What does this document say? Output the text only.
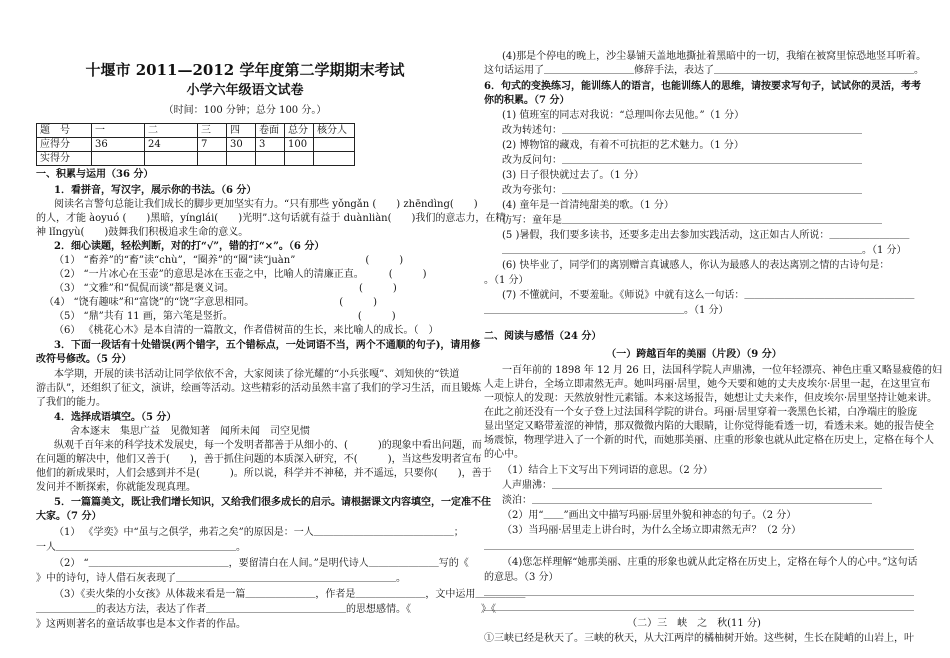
十堰市 2011—2012 学年度第二学期期末考试
小学六年级语文试卷
（时间：100 分钟；总分 100 分。）
题　号	一	二	三	四	卷面	总分	核分人
应得分	36	24	7	30	3	100	
实得分							
一、积累与运用（36 分）
1．看拼音，写汉字，展示你的书法。（6 分）
阅读名言警句总能让我们成长的脚步更加坚实有力。“只有那些 yǒngǎn (　　) zhēndìng(　　)
的人，才能 àoyuó (　　)黑暗，yínglái(　　)光明”.这句话就有益于 duànliàn(　　)我们的意志力，在精
神 lǐngyù(　　)鼓舞我们积极追求生命的意义。
2．细心读题，轻松判断，对的打“√”，错的打“×”。（6 分）
（1） “畜养”的“畜”读“chù”，“圈养”的“圈”读“juàn”　　　　　　　(　　　)
（2） “一片冰心在玉壶”的意思是冰在玉壶之中，比喻人的清廉正直。　　　(　　　)
（3） “文雅”和“侃侃而谈”都是褒义词。　　　　　　　　　　　　　(　　　)
（4） “饶有趣味”和“富饶”的“饶”字意思相同。　　　　　　　　　(　　　)
（5） “鼎”共有 11 画，第六笔是竖折。　　　　　　　　　　　　　(　　　)
（6） 《桃花心木》是本自清的一篇散文，作者借树苗的生长，来比喻人的成长。（　）
3．下面一段话有十处错误(两个错字，五个错标点，一处词语不当，两个不通顺的句子)，请用修
改符号修改。（5 分）
本学期，开展的读书活动让同学依依不舍，大家阅读了徐光耀的“小兵张嘎”、刘知侠的“铁道
游击队”，还组织了征文，演讲，绘画等活动。这些精彩的活动虽然丰富了我们的学习生活，而且锻炼
了我们的能力。
4．选择成语填空。（5 分）
舍本逐末　集思广益　见微知著　闻所未闻　司空见惯
纵观千百年来的科学技术发展史，每一个发明者都善于从细小的、(　　　)的现象中看出问题，而
在问题的解决中，他们又善于(　　)，善于抓住问题的本质深入研究，不(　　　)，当这些发明者宣布
他们的新成果时，人们会感到并不是(　　　)。所以说，科学并不神秘，并不遥远，只要你(　　)，善于
发问并不断探索，你就能发现真理。
5．一篇篇美文，既让我们增长知识，又给我们很多成长的启示。请根据课文内容填空，一定准不住
大家。（7 分）
（1） 《学奕》中“虽与之俱学，弗若之矣”的原因是：一人＿＿＿＿＿＿＿＿＿＿＿＿＿＿；
一人＿＿＿＿＿＿＿＿＿＿＿＿＿＿＿＿＿＿。
（2） “＿＿＿＿＿＿＿＿＿＿＿＿＿＿，要留清白在人间。”是明代诗人＿＿＿＿＿＿＿写的《
》中的诗句，诗人借石灰表现了＿＿＿＿＿＿＿＿＿＿＿＿＿＿＿＿＿＿＿＿＿＿。
（3）《卖火柴的小女孩》从体裁来看是一篇＿＿＿＿＿＿＿，作者是＿＿＿＿＿＿＿，文中运用＿＿＿＿＿
＿＿＿＿＿＿的表达方法，表达了作者＿＿＿＿＿＿＿＿＿＿＿＿＿＿的思想感情。《　　　　　　　》《
》这两则著名的童话故事也是本文作者的作品。
(4)那是个停电的晚上，沙尘暴铺天盖地地撕扯着黑暗中的一切，我缩在被窝里惊恐地竖耳听着。
这句话运用了＿＿＿＿＿＿＿＿＿修辞手法，表达了＿＿＿＿＿＿＿＿＿＿＿＿＿＿＿＿＿＿＿＿。
6．句式的变换练习，能训练人的语言，也能训练人的思维，请按要求写句子，试试你的灵活，考考
你的积累。（7 分）
(1) 值班室的同志对我说：“总理叫你去见他。”（1 分）
改为转述句：＿＿＿＿＿＿＿＿＿＿＿＿＿＿＿＿＿＿＿＿＿＿＿＿＿＿＿＿＿＿
(2) 博物馆的藏戏，有着不可抗拒的艺术魅力。（1 分）
改为反问句：＿＿＿＿＿＿＿＿＿＿＿＿＿＿＿＿＿＿＿＿＿＿＿＿＿＿＿＿＿＿
(3) 日子很快就过去了。（1 分）
改为夸张句：＿＿＿＿＿＿＿＿＿＿＿＿＿＿＿＿＿＿＿＿＿＿＿＿＿＿＿＿＿＿
(4) 童年是一首清纯甜美的歌。（1 分）
仿写：童年是＿＿＿＿＿＿＿＿＿＿＿＿＿＿＿＿＿＿＿＿＿＿＿＿＿＿＿＿＿＿＿＿
(5 )暑假，我们要多读书，还要多走出去参加实践活动，这正如古人所说：＿＿＿＿＿＿＿＿
＿＿＿＿＿＿＿＿＿＿＿＿＿＿＿＿＿＿＿＿＿＿＿＿＿＿＿＿＿＿＿＿＿＿＿＿。（1 分）
(6) 快毕业了，同学们的离别赠言真诚感人，你认为最感人的表达离别之情的古诗句是：
。（1 分）
(7) 不懂就问，不要羞耻。《师说》中就有这么一句话：＿＿＿＿＿＿＿＿＿＿＿＿＿＿＿＿＿
＿＿＿＿＿＿＿＿＿＿＿＿＿＿＿＿＿＿＿＿。（1 分）
二、阅读与感悟（24 分）
（一）跨越百年的美丽（片段）（9 分）
一百年前的 1898 年 12 月 26 日，法国科学院人声鼎沸，一位年轻漂亮、神色庄重又略显疲倦的妇
人走上讲台，全场立即肃然无声。她叫玛丽·居里，她今天要和她的丈夫皮埃尔·居里一起，在这里宣布
一项惊人的发现：天然放射性元素镭。本来这场报告，她想让丈夫来作，但皮埃尔·居里坚持让她来讲。
在此之前还没有一个女子登上过法国科学院的讲台。玛丽·居里穿着一袭黑色长裙，白净端庄的脸庞
显出坚定又略带羞涩的神情，那双微微内陷的大眼睛，让你觉得能看透一切，看透未来。她的报告使全
场震惊，物理学进入了一个新的时代，而她那美丽、庄重的形象也就从此定格在历史上，定格在每个人
的心中。
（1）结合上下文写出下列词语的意思。（2 分）
人声鼎沸：＿＿＿＿＿＿＿＿＿＿＿＿＿＿＿＿＿＿＿＿＿＿＿＿＿＿＿＿＿＿＿＿＿
淡泊：＿＿＿＿＿＿＿＿＿＿＿＿＿＿＿＿＿＿＿＿＿＿＿＿＿＿＿＿＿＿＿＿＿＿
（2）用“＿＿”画出文中描写玛丽·居里外貌和神态的句子。（2 分）
（3）当玛丽·居里走上讲台时，为什么全场立即肃然无声？（2 分）
＿＿＿＿＿＿＿＿＿＿＿＿＿＿＿＿＿＿＿＿＿＿＿＿＿＿＿＿＿＿＿＿＿＿＿＿＿＿＿＿＿＿＿
（4)您怎样理解“她那美丽、庄重的形象也就从此定格在历史上，定格在每个人的心中。”这句话
的意思。（3 分）
＿＿＿＿＿＿＿＿＿＿＿＿＿＿＿＿＿＿＿＿＿＿＿＿＿＿＿＿＿＿＿＿＿＿＿＿＿＿＿＿＿＿＿
＿＿＿＿＿＿＿＿＿＿＿＿＿＿＿＿＿＿＿＿＿＿＿＿＿＿＿＿＿＿＿＿＿＿＿＿＿＿＿＿＿＿＿
（二）三　峡　之　秋(11 分)
①三峡已经是秋天了。三峡的秋天，从大江两岸的橘柚树开始。这些树，生长在陡峭的山岩上，叶
